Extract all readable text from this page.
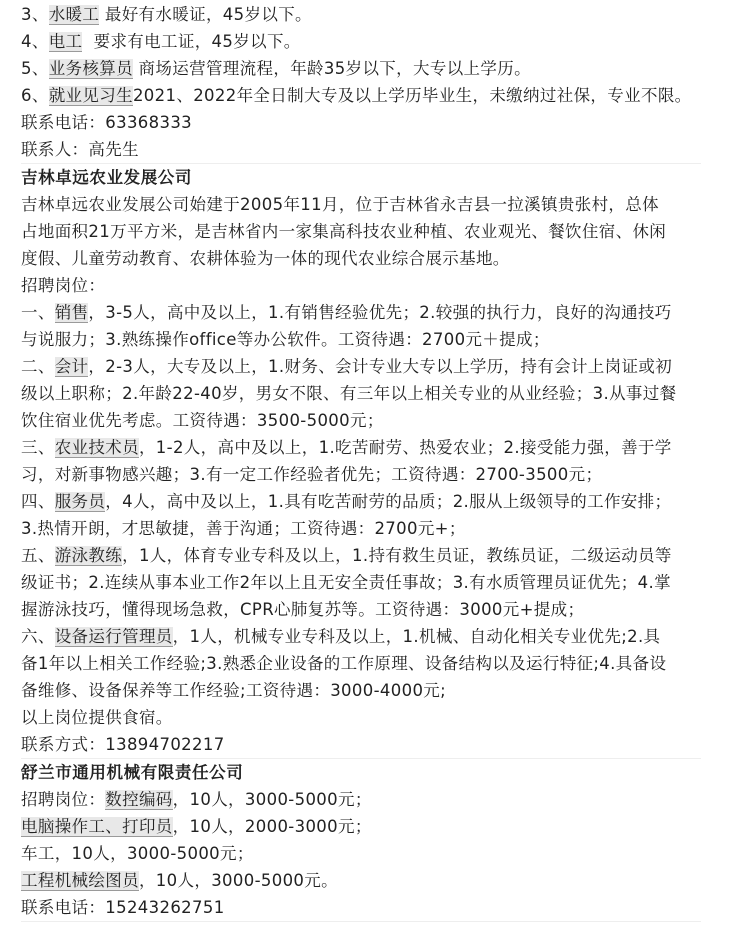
3、水暖工 最好有水暖证，45岁以下。
4、电工  要求有电工证，45岁以下。
5、业务核算员 商场运营管理流程，年龄35岁以下，大专以上学历。
6、就业见习生2021、2022年全日制大专及以上学历毕业生，未缴纳过社保，专业不限。
联系电话：63368333
联系人：高先生
吉林卓远农业发展公司
吉林卓远农业发展公司始建于2005年11月，位于吉林省永吉县一拉溪镇贵张村，总体
占地面积21万平方米，是吉林省内一家集高科技农业种植、农业观光、餐饮住宿、休闲
度假、儿童劳动教育、农耕体验为一体的现代农业综合展示基地。
招聘岗位：
一、销售，3-5人，高中及以上，1.有销售经验优先；2.较强的执行力，良好的沟通技巧
与说服力；3.熟练操作office等办公软件。工资待遇：2700元＋提成；
二、会计，2-3人，大专及以上，1.财务、会计专业大专以上学历，持有会计上岗证或初
级以上职称；2.年龄22-40岁，男女不限、有三年以上相关专业的从业经验；3.从事过餐
饮住宿业优先考虑。工资待遇：3500-5000元；
三、农业技术员，1-2人，高中及以上，1.吃苦耐劳、热爱农业；2.接受能力强，善于学
习，对新事物感兴趣；3.有一定工作经验者优先；工资待遇：2700-3500元；
四、服务员，4人，高中及以上，1.具有吃苦耐劳的品质；2.服从上级领导的工作安排；
3.热情开朗，才思敏捷，善于沟通；工资待遇：2700元+；
五、游泳教练，1人，体育专业专科及以上，1.持有救生员证，教练员证，二级运动员等
级证书；2.连续从事本业工作2年以上且无安全责任事故；3.有水质管理员证优先；4.掌
握游泳技巧，懂得现场急救，CPR心肺复苏等。工资待遇：3000元+提成；
六、设备运行管理员，1人，机械专业专科及以上，1.机械、自动化相关专业优先;2.具
备1年以上相关工作经验;3.熟悉企业设备的工作原理、设备结构以及运行特征;4.具备设
备维修、设备保养等工作经验;工资待遇：3000-4000元;
以上岗位提供食宿。
联系方式：13894702217
舒兰市通用机械有限责任公司
招聘岗位：数控编码，10人，3000-5000元；
电脑操作工、打印员，10人，2000-3000元；
车工，10人，3000-5000元；
工程机械绘图员，10人，3000-5000元。
联系电话：15243262751
